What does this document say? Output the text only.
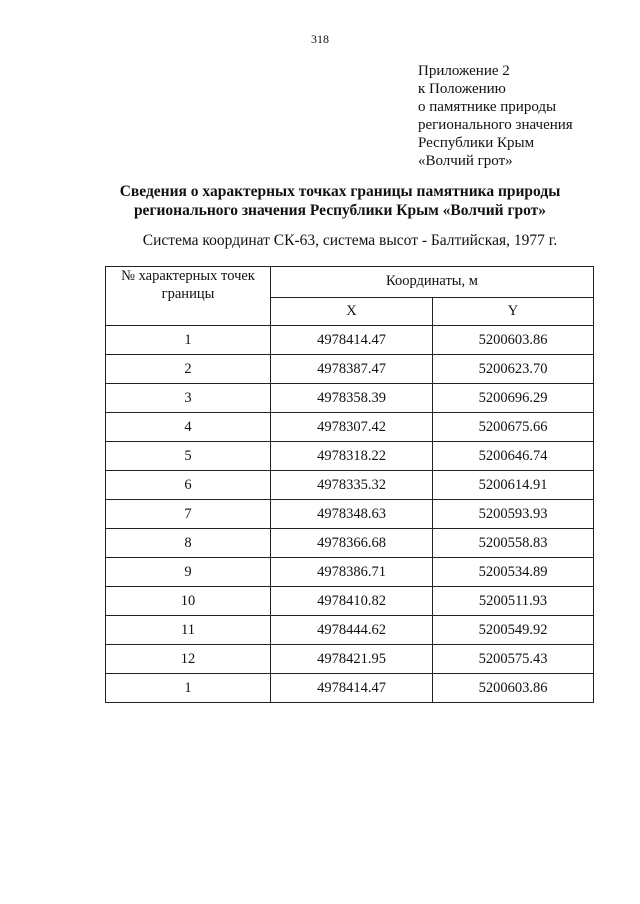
318
Приложение 2
к Положению
о памятнике природы
регионального значения
Республики Крым
«Волчий грот»
Сведения о характерных точках границы памятника природы
регионального значения Республики Крым «Волчий грот»
Система координат СК-63, система высот - Балтийская, 1977 г.
№ характерных точек границы	Координаты, м	
	X	Y
1	4978414.47	5200603.86
2	4978387.47	5200623.70
3	4978358.39	5200696.29
4	4978307.42	5200675.66
5	4978318.22	5200646.74
6	4978335.32	5200614.91
7	4978348.63	5200593.93
8	4978366.68	5200558.83
9	4978386.71	5200534.89
10	4978410.82	5200511.93
11	4978444.62	5200549.92
12	4978421.95	5200575.43
1	4978414.47	5200603.86
